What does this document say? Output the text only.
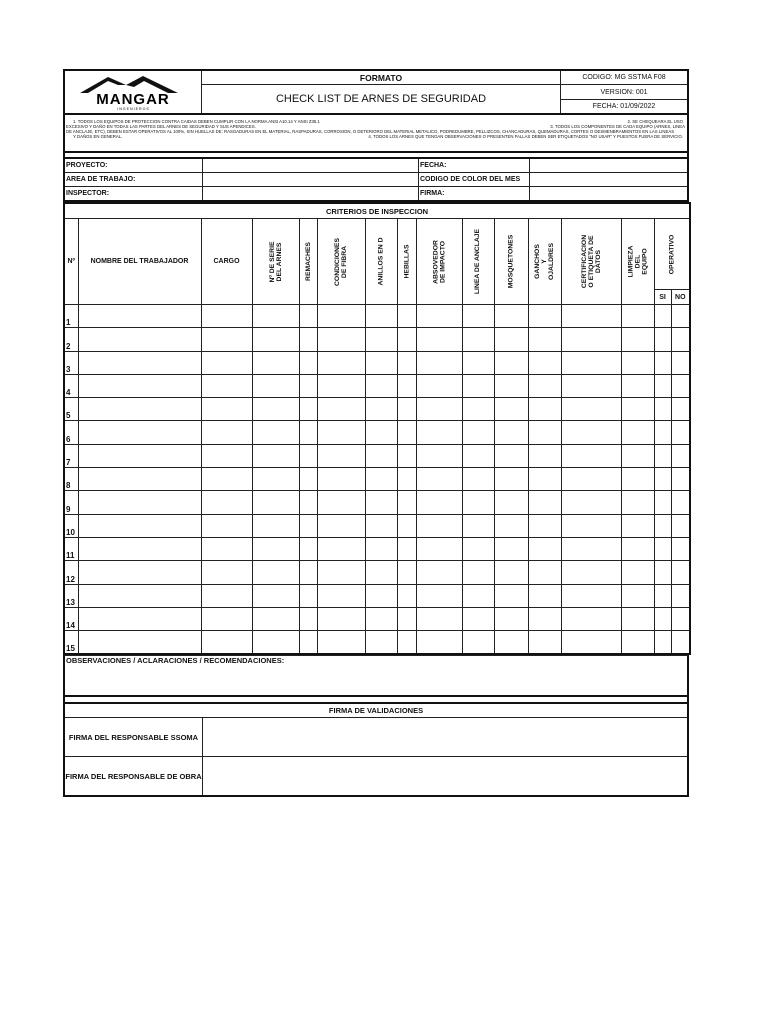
MANGAR
I N G E N I E R O S	FORMATO	CODIGO: MG SSTMA F08
	CHECK LIST DE ARNES DE SEGURIDAD	VERSION: 001
		FECHA: 01/09/2022
1. TODOS LOS EQUIPOS DE PROTECCION CONTRA CAIDAS DEBEN CUMPLIR CON LA NORMA ANSI A10.14 Y ANSI Z35.1	2. SE CHEQUEARA EL USO
EXCESIVO Y DAÑO EN TODAS LAS PARTES DEL ARNES DE SEGURIDAD Y SUS APENDICES.	3. TODOS LOS COMPONENTES DE CADA EQUIPO (ARNES, LINEA
DE ANCLAJE, ETC), DEBEN ESTAR OPERATIVOS AL 100%, SIN HUELLAS DE: RASGADURAS EN EL MATERIAL, RASPADURAS, CORROSION, O DETERIORO DEL MATERIAL METALICO, PODREDUMBRE, PELLIZCOS, CHANCADURAS, QUEMADURAS, CORTES O DESMENBRAMIENTOS EN LAS LINEAS
Y DAÑOS EN GENERAL.	4. TODOS LOS ARNES QUE TENGAN OBSERVACIONES O PRESENTEN FALLAS DEBEN SER ETIQUETADOS "NO USAR" Y PUESTOS FUERA DE SERVICIO.
PROYECTO:		FECHA:	
AREA DE TRABAJO:		CODIGO DE COLOR DEL MES	
INSPECTOR:		FIRMA:	
CRITERIOS DE INSPECCION															
Nº	NOMBRE DEL TRABAJADOR	CARGO	Nº DE SERIE DEL ARNES	REMACHES	CONDICIONES DE FIBRA	ANILLOS EN D	HEBILLAS	ABSOVEDOR DE IMPACTO	LINEA DE ANCLAJE	MOSQUETONES	GANCHOS Y OJALDRES	CERTIFICACION O ETIQUETA DE DATOS	LIMPIEZA DEL EQUIPO	OPERATIVO	

														SI	NO
1															
2															
3															
4															
5															
6															
7															
8															
9															
10															
11															
12															
13															
14															
15															
OBSERVACIONES / ACLARACIONES / RECOMENDACIONES:
FIRMA DE VALIDACIONES	
FIRMA DEL RESPONSABLE SSOMA	
FIRMA DEL RESPONSABLE DE OBRA	
